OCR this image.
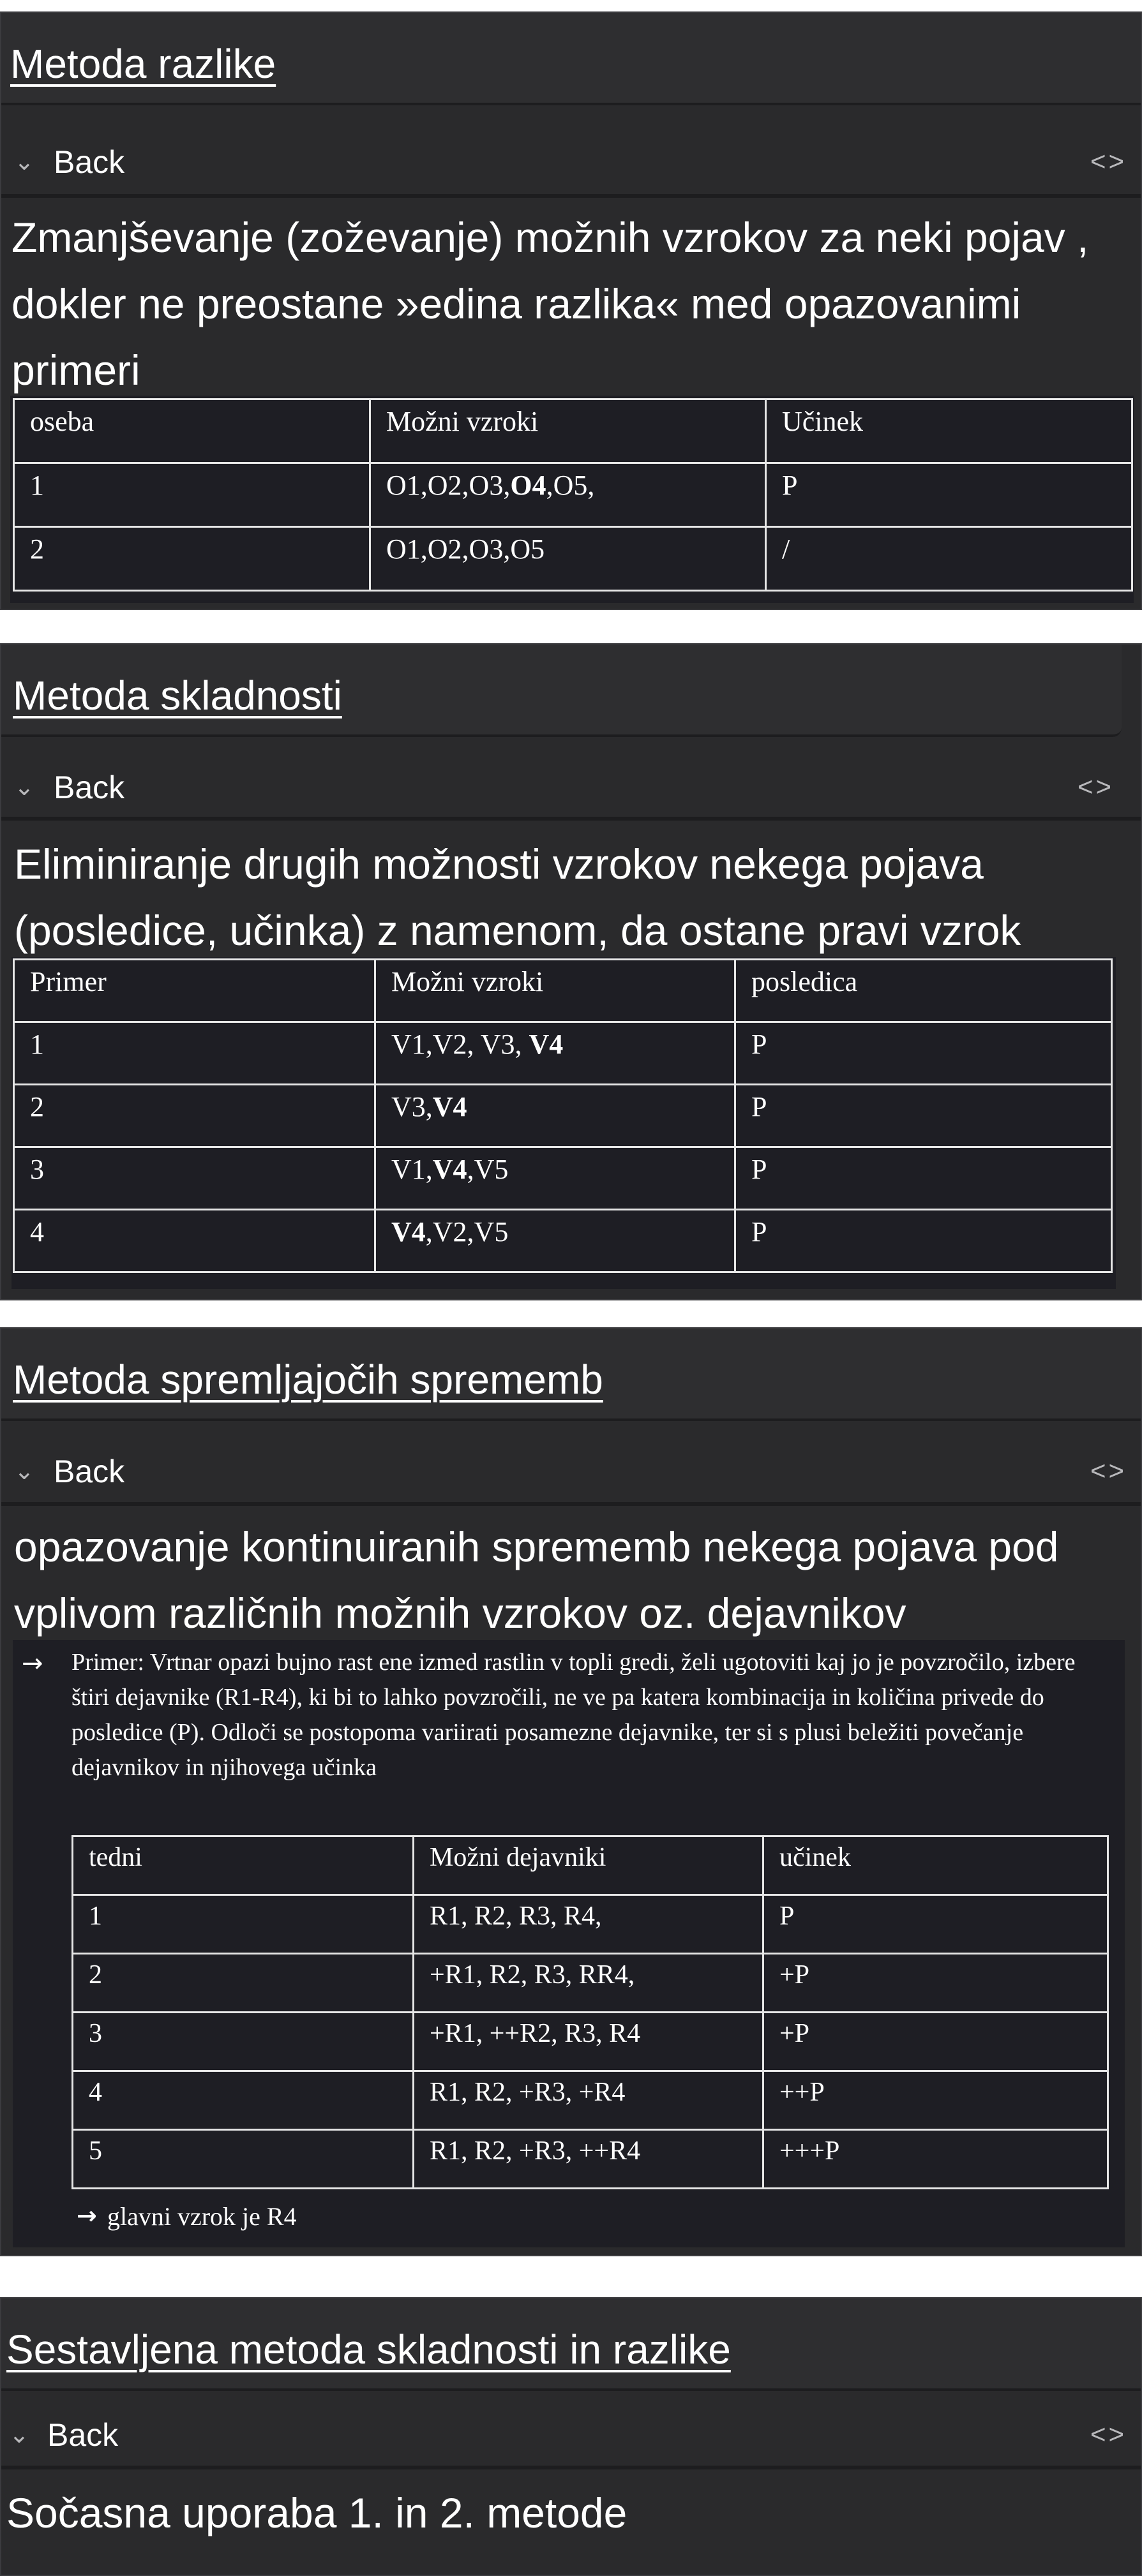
Metoda razlike
⌄ Back	<>
Zmanjševanje (zoževanje) možnih vzrokov za neki pojav , dokler ne preostane »edina razlika« med opazovanimi primeri
oseba	Možni vzroki	Učinek
1	O1,O2,O3,O4,O5,	P
2	O1,O2,O3,O5	/
Metoda skladnosti
⌄ Back	<>
Eliminiranje drugih možnosti vzrokov nekega pojava (posledice, učinka) z namenom, da ostane pravi vzrok
Primer	Možni vzroki	posledica
1	V1,V2, V3, V4	P
2	V3,V4	P
3	V1,V4,V5	P
4	V4,V2,V5	P
Metoda spremljajočih sprememb
⌄ Back	<>
opazovanje kontinuiranih sprememb nekega pojava pod vplivom različnih možnih vzrokov oz. dejavnikov
→ Primer: Vrtnar opazi bujno rast ene izmed rastlin v topli gredi, želi ugotoviti kaj jo je povzročilo, izbere štiri dejavnike (R1-R4), ki bi to lahko povzročili, ne ve pa katera kombinacija in količina privede do posledice (P). Odloči se postopoma variirati posamezne dejavnike, ter si s plusi beležiti povečanje dejavnikov in njihovega učinka
tedni	Možni dejavniki	učinek
1	R1, R2, R3, R4,	P
2	+R1, R2, R3, RR4,	+P
3	+R1, ++R2, R3, R4	+P
4	R1, R2, +R3, +R4	++P
5	R1, R2, +R3, ++R4	+++P
→ glavni vzrok je R4
Sestavljena metoda skladnosti in razlike
⌄ Back	<>
Sočasna uporaba 1. in 2. metode
